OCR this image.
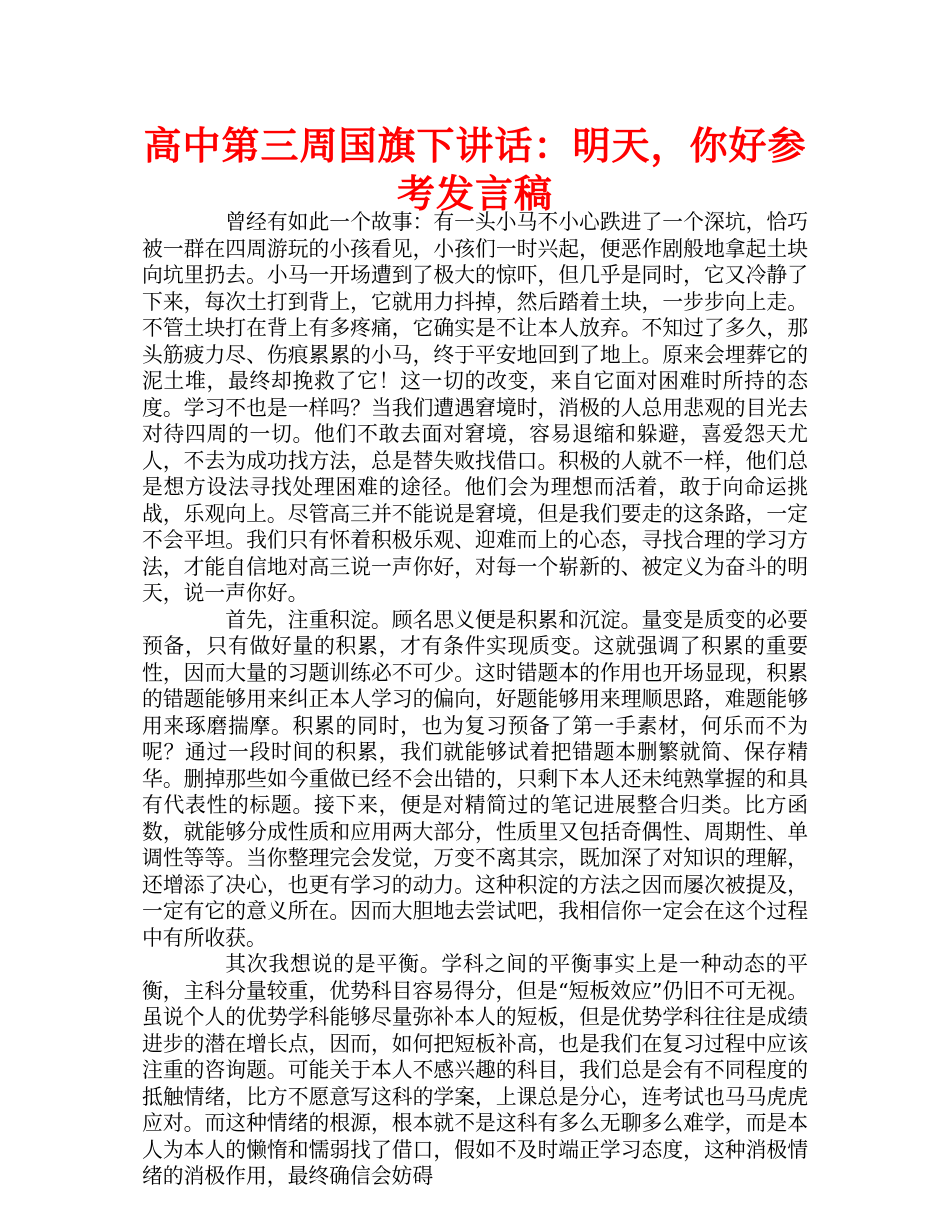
高中第三周国旗下讲话：明天，你好参考发言稿

曾经有如此一个故事：有一头小马不小心跌进了一个深坑，恰巧被一群在四周游玩的小孩看见，小孩们一时兴起，便恶作剧般地拿起土块向坑里扔去。小马一开场遭到了极大的惊吓，但几乎是同时，它又冷静了下来，每次土打到背上，它就用力抖掉，然后踏着土块，一步步向上走。不管土块打在背上有多疼痛，它确实是不让本人放弃。不知过了多久，那头筋疲力尽、伤痕累累的小马，终于平安地回到了地上。原来会埋葬它的泥土堆，最终却挽救了它！这一切的改变，来自它面对困难时所持的态度。学习不也是一样吗？当我们遭遇窘境时，消极的人总用悲观的目光去对待四周的一切。他们不敢去面对窘境，容易退缩和躲避，喜爱怨天尤人，不去为成功找方法，总是替失败找借口。积极的人就不一样，他们总是想方设法寻找处理困难的途径。他们会为理想而活着，敢于向命运挑战，乐观向上。尽管高三并不能说是窘境，但是我们要走的这条路，一定不会平坦。我们只有怀着积极乐观、迎难而上的心态，寻找合理的学习方法，才能自信地对高三说一声你好，对每一个崭新的、被定义为奋斗的明天，说一声你好。

首先，注重积淀。顾名思义便是积累和沉淀。量变是质变的必要预备，只有做好量的积累，才有条件实现质变。这就强调了积累的重要性，因而大量的习题训练必不可少。这时错题本的作用也开场显现，积累的错题能够用来纠正本人学习的偏向，好题能够用来理顺思路，难题能够用来琢磨揣摩。积累的同时，也为复习预备了第一手素材，何乐而不为呢？通过一段时间的积累，我们就能够试着把错题本删繁就简、保存精华。删掉那些如今重做已经不会出错的，只剩下本人还未纯熟掌握的和具有代表性的标题。接下来，便是对精简过的笔记进展整合归类。比方函数，就能够分成性质和应用两大部分，性质里又包括奇偶性、周期性、单调性等等。当你整理完会发觉，万变不离其宗，既加深了对知识的理解，还增添了决心，也更有学习的动力。这种积淀的方法之因而屡次被提及，一定有它的意义所在。因而大胆地去尝试吧，我相信你一定会在这个过程中有所收获。

其次我想说的是平衡。学科之间的平衡事实上是一种动态的平衡，主科分量较重，优势科目容易得分，但是“短板效应”仍旧不可无视。虽说个人的优势学科能够尽量弥补本人的短板，但是优势学科往往是成绩进步的潜在增长点，因而，如何把短板补高，也是我们在复习过程中应该注重的咨询题。可能关于本人不感兴趣的科目，我们总是会有不同程度的抵触情绪，比方不愿意写这科的学案，上课总是分心，连考试也马马虎虎应对。而这种情绪的根源，根本就不是这科有多么无聊多么难学，而是本人为本人的懒惰和懦弱找了借口，假如不及时端正学习态度，这种消极情绪的消极作用，最终确信会妨碍
